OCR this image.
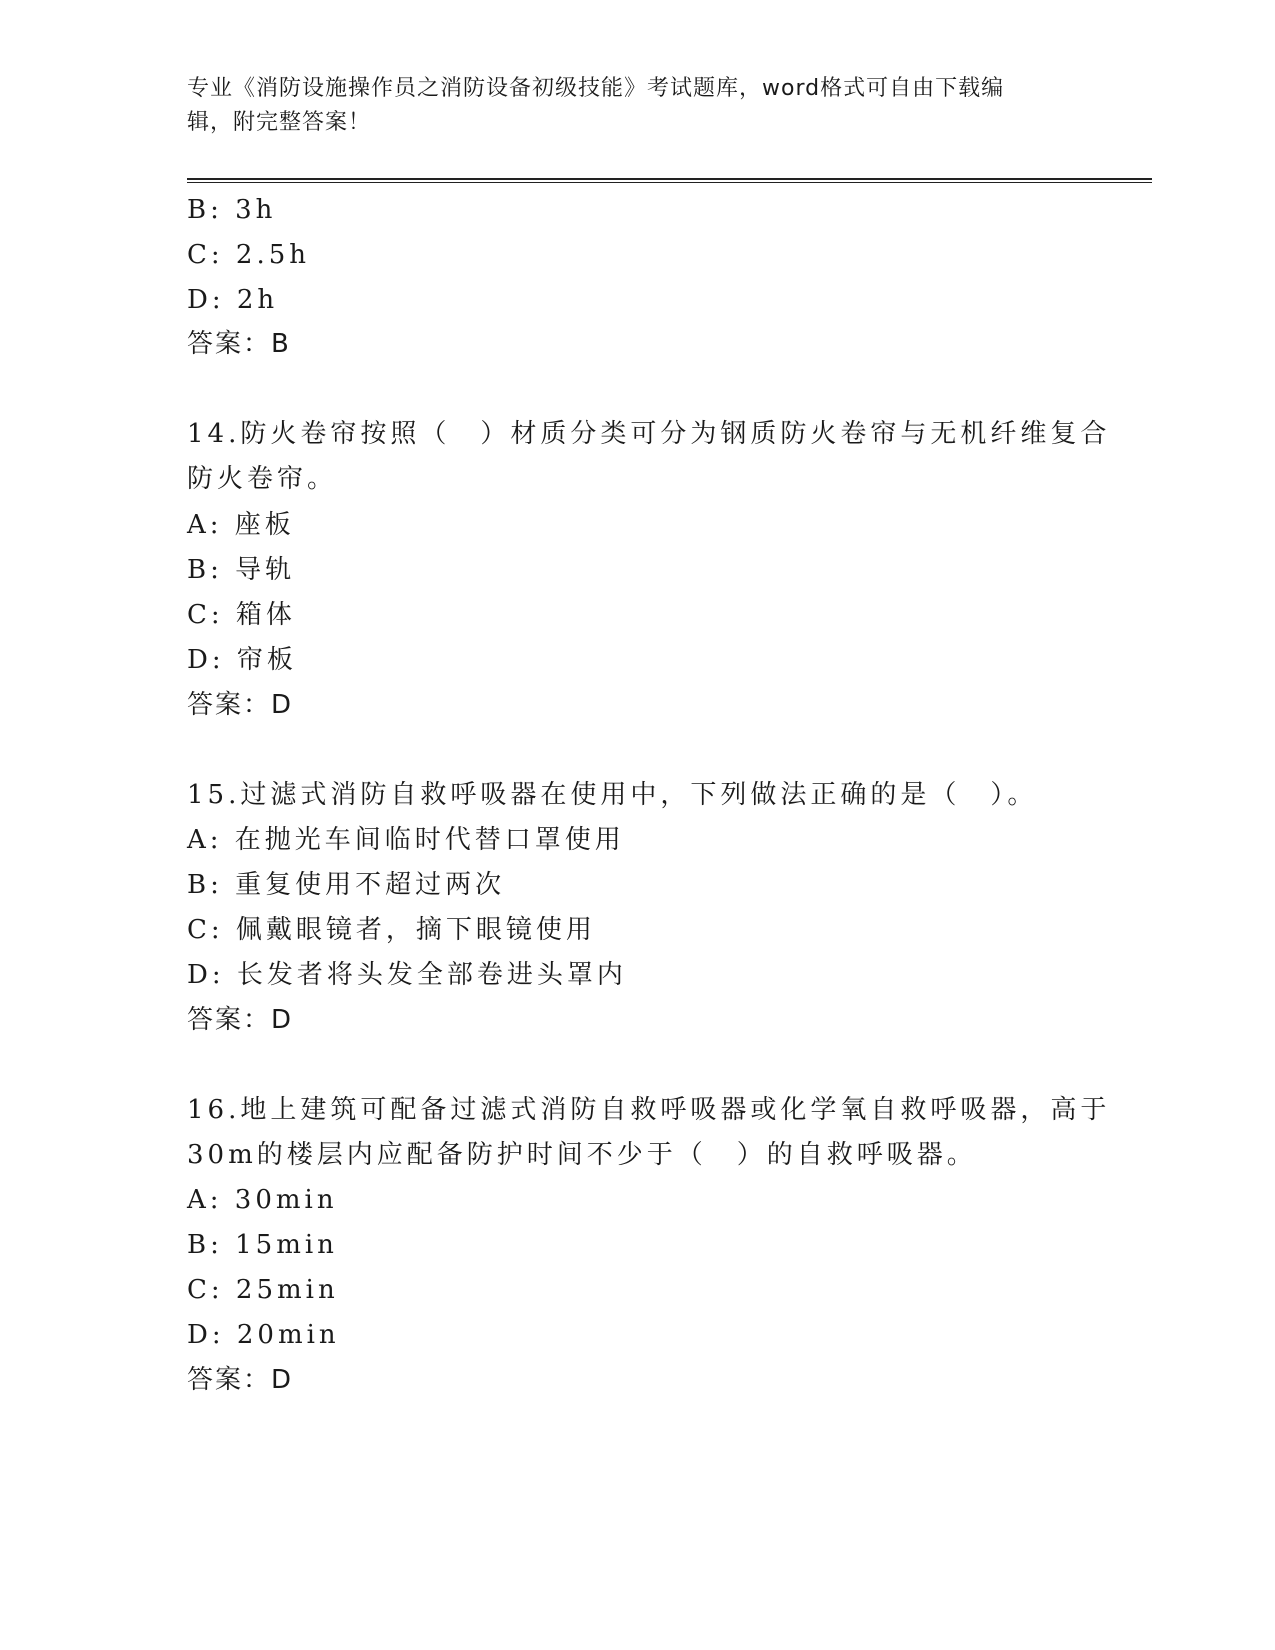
专业《消防设施操作员之消防设备初级技能》考试题库，word格式可自由下载编
辑，附完整答案！
B: 3h
C: 2.5h
D: 2h
答案：B
14.防火卷帘按照（　）材质分类可分为钢质防火卷帘与无机纤维复合
防火卷帘。
A: 座板
B: 导轨
C: 箱体
D: 帘板
答案：D
15.过滤式消防自救呼吸器在使用中，下列做法正确的是（　）。
A: 在抛光车间临时代替口罩使用
B: 重复使用不超过两次
C: 佩戴眼镜者，摘下眼镜使用
D: 长发者将头发全部卷进头罩内
答案：D
16.地上建筑可配备过滤式消防自救呼吸器或化学氧自救呼吸器，高于
30m的楼层内应配备防护时间不少于（　）的自救呼吸器。
A: 30min
B: 15min
C: 25min
D: 20min
答案：D
